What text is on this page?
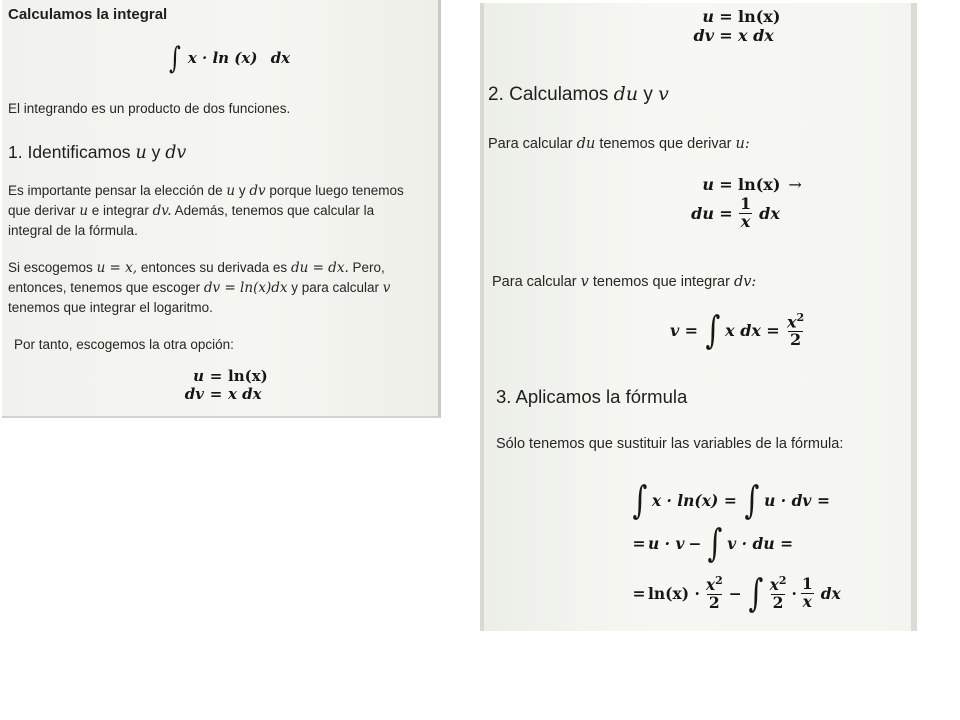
Calculamos la integral
∫ x · ln (x) dx
El integrando es un producto de dos funciones.
1. Identificamos u y dv
Es importante pensar la elección de u y dv porque luego tenemos
que derivar u e integrar dv. Además, tenemos que calcular la
integral de la fórmula.
Si escogemos u = x, entonces su derivada es du = dx. Pero,
entonces, tenemos que escoger dv = ln(x)dx y para calcular v
tenemos que integrar el logaritmo.
Por tanto, escogemos la otra opción:
u = ln(x)
dv = x dx
u = ln(x)
dv = x dx
2. Calculamos du y v
Para calcular du tenemos que derivar u:
u = ln(x) →
du = $\frac{1}{x}$ dx
Para calcular v tenemos que integrar dv:
v = ∫ x dx = $\frac{x^2}{2}$
3. Aplicamos la fórmula
Sólo tenemos que sustituir las variables de la fórmula:
∫ x · ln(x) = ∫ u · dv =
= u · v − ∫ v · du =
= $\ln(x) \cdot \frac{x^2}{2}$ − ∫ $\frac{x^2}{2} \cdot \frac{1}{x}$ dx
